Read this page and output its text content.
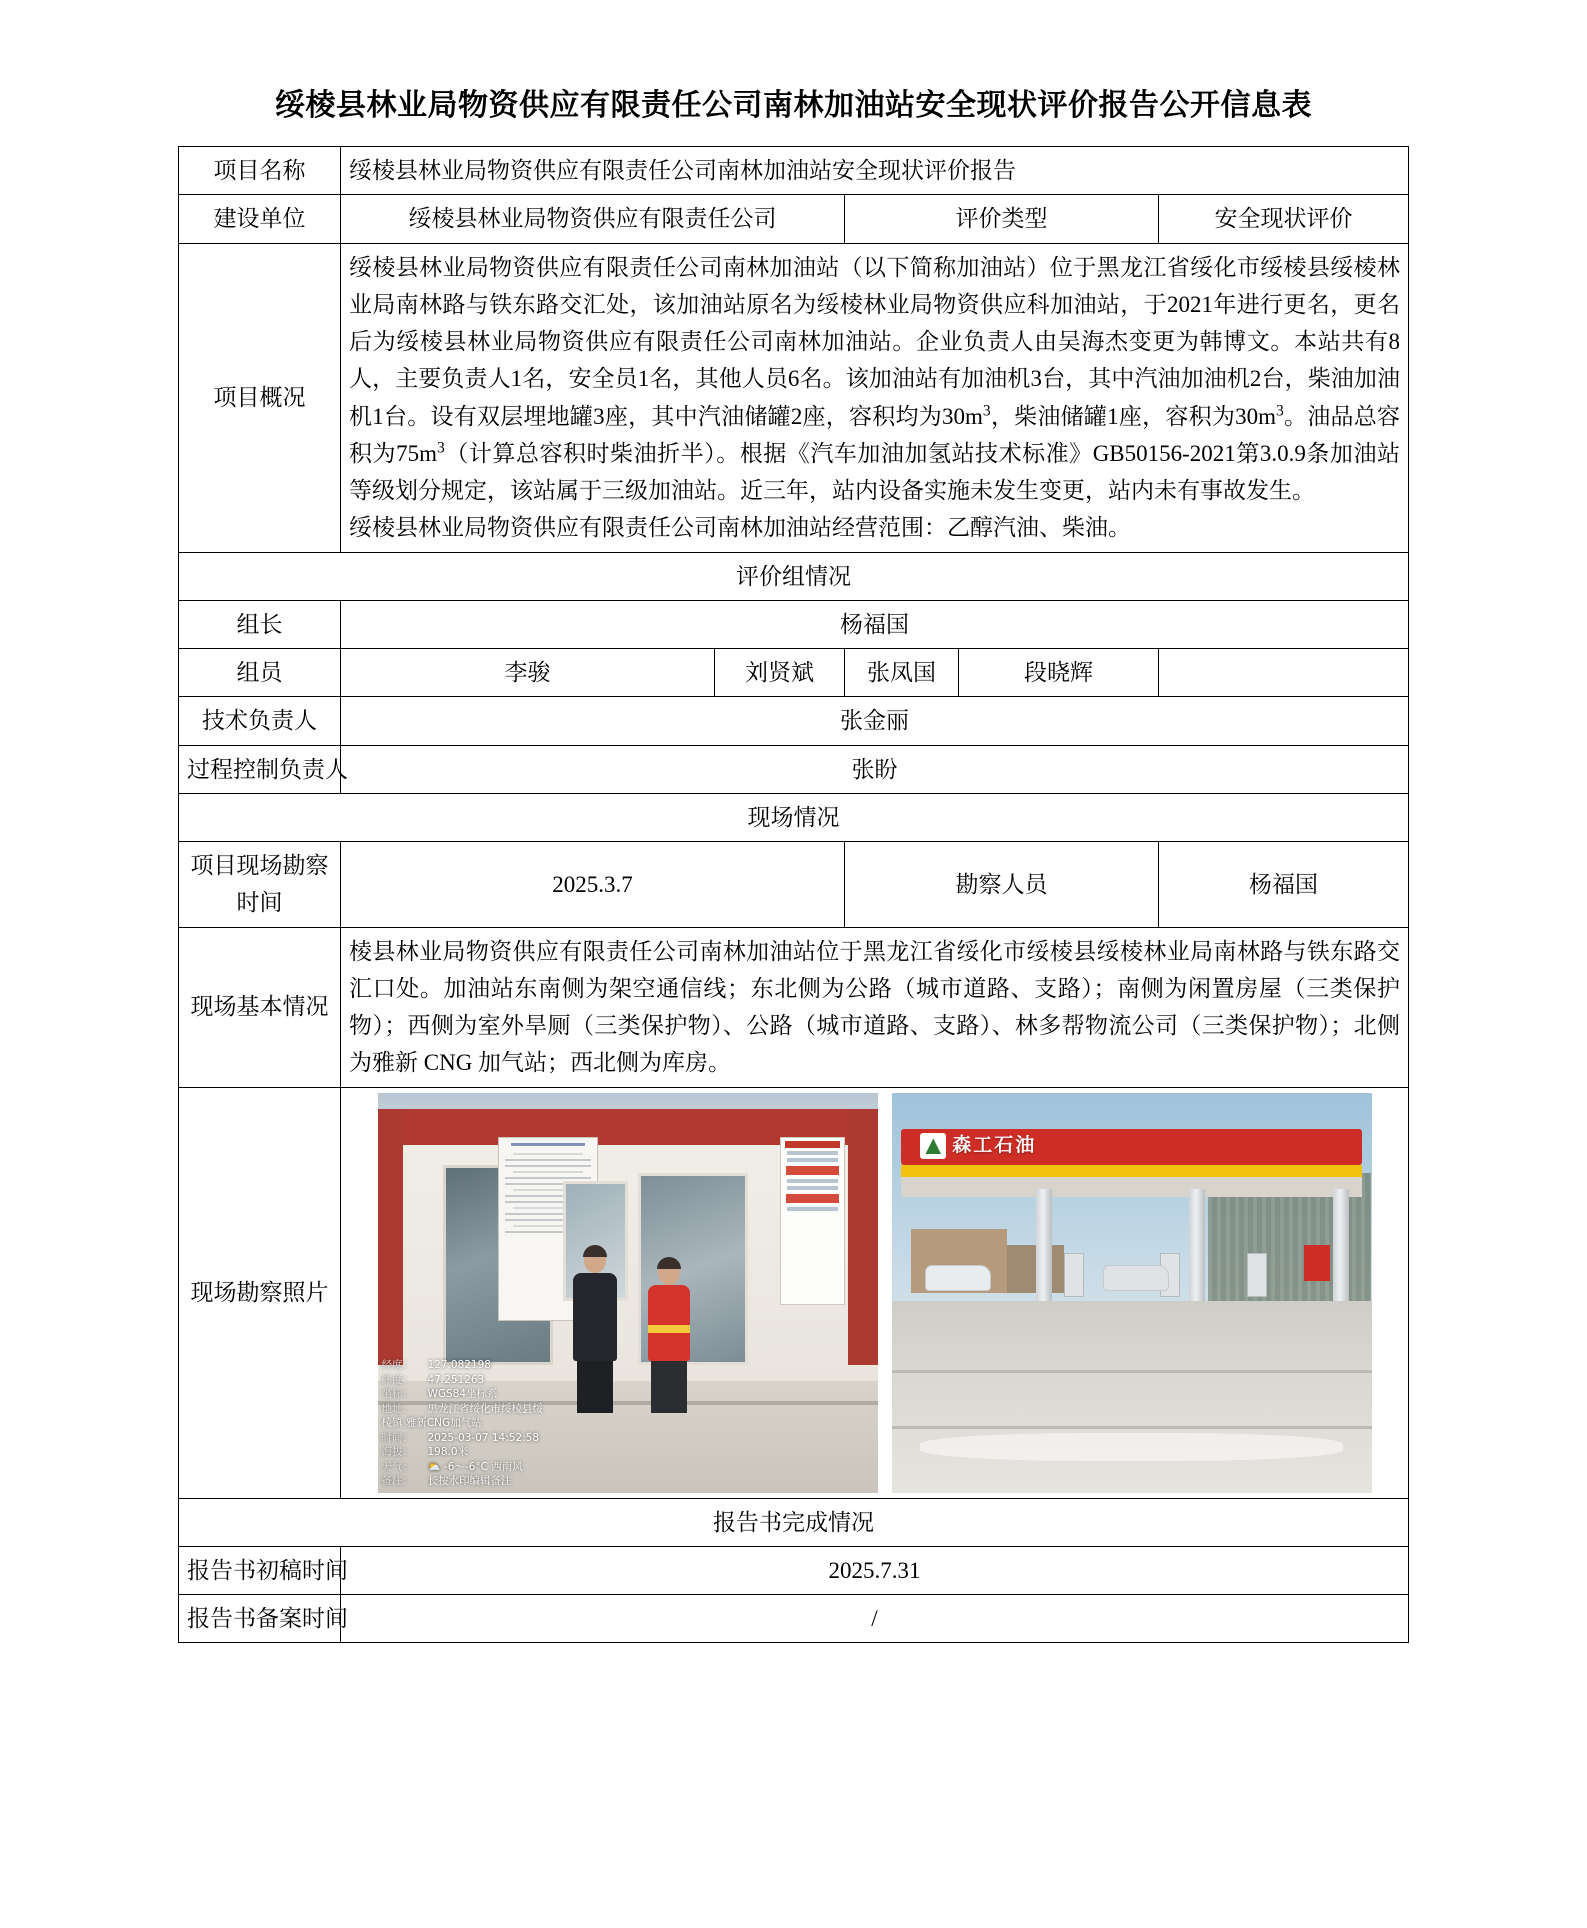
绥棱县林业局物资供应有限责任公司南林加油站安全现状评价报告公开信息表
项目名称	绥棱县林业局物资供应有限责任公司南林加油站安全现状评价报告				
建设单位	绥棱县林业局物资供应有限责任公司		评价类型		安全现状评价
项目概况	绥棱县林业局物资供应有限责任公司南林加油站（以下简称加油站）位于黑龙江省绥化市绥棱县绥棱林业局南林路与铁东路交汇处，该加油站原名为绥棱林业局物资供应科加油站，于2021年进行更名，更名后为绥棱县林业局物资供应有限责任公司南林加油站。企业负责人由吴海杰变更为韩博文。本站共有8人，主要负责人1名，安全员1名，其他人员6名。该加油站有加油机3台，其中汽油加油机2台，柴油加油机1台。设有双层埋地罐3座，其中汽油储罐2座，容积均为$30m^3$，柴油储罐1座，容积为$30m^3$。油品总容积为$75m^3$（计算总容积时柴油折半）。根据《汽车加油加氢站技术标准》GB50156-2021第3.0.9条加油站等级划分规定，该站属于三级加油站。近三年，站内设备实施未发生变更，站内未有事故发生。

绥棱县林业局物资供应有限责任公司南林加油站经营范围：乙醇汽油、柴油。				

评价组情况					
组长	杨福国				
组员	李骏	刘贤斌	张凤国	段晓辉	
技术负责人	张金丽				
过程控制负责人	张盼				
现场情况					
项目现场勘察时间	2025.3.7		勘察人员		杨福国
现场基本情况	棱县林业局物资供应有限责任公司南林加油站位于黑龙江省绥化市绥棱县绥棱林业局南林路与铁东路交汇口处。加油站东南侧为架空通信线；东北侧为公路（城市道路、支路）；南侧为闲置房屋（三类保护物）；西侧为室外旱厕（三类保护物）、公路（城市道路、支路）、林多帮物流公司（三类保护物）；北侧为雅新 CNG 加气站；西北侧为库房。				
现场勘察照片	
经度： 127.082198
纬度： 47.251263
坐标： WGS84坐标系
地址： 黑龙江省绥化市绥棱县绥
棱镇 雅新CNG加气站
时间： 2025-03-07 14:52:58
海拔： 198.0米
天气： ⛅ -6～-6°C 西南风
备注： 长按水印编辑备注
森工石油

报告书完成情况					
报告书初稿时间	2025.7.31				
报告书备案时间	/				
